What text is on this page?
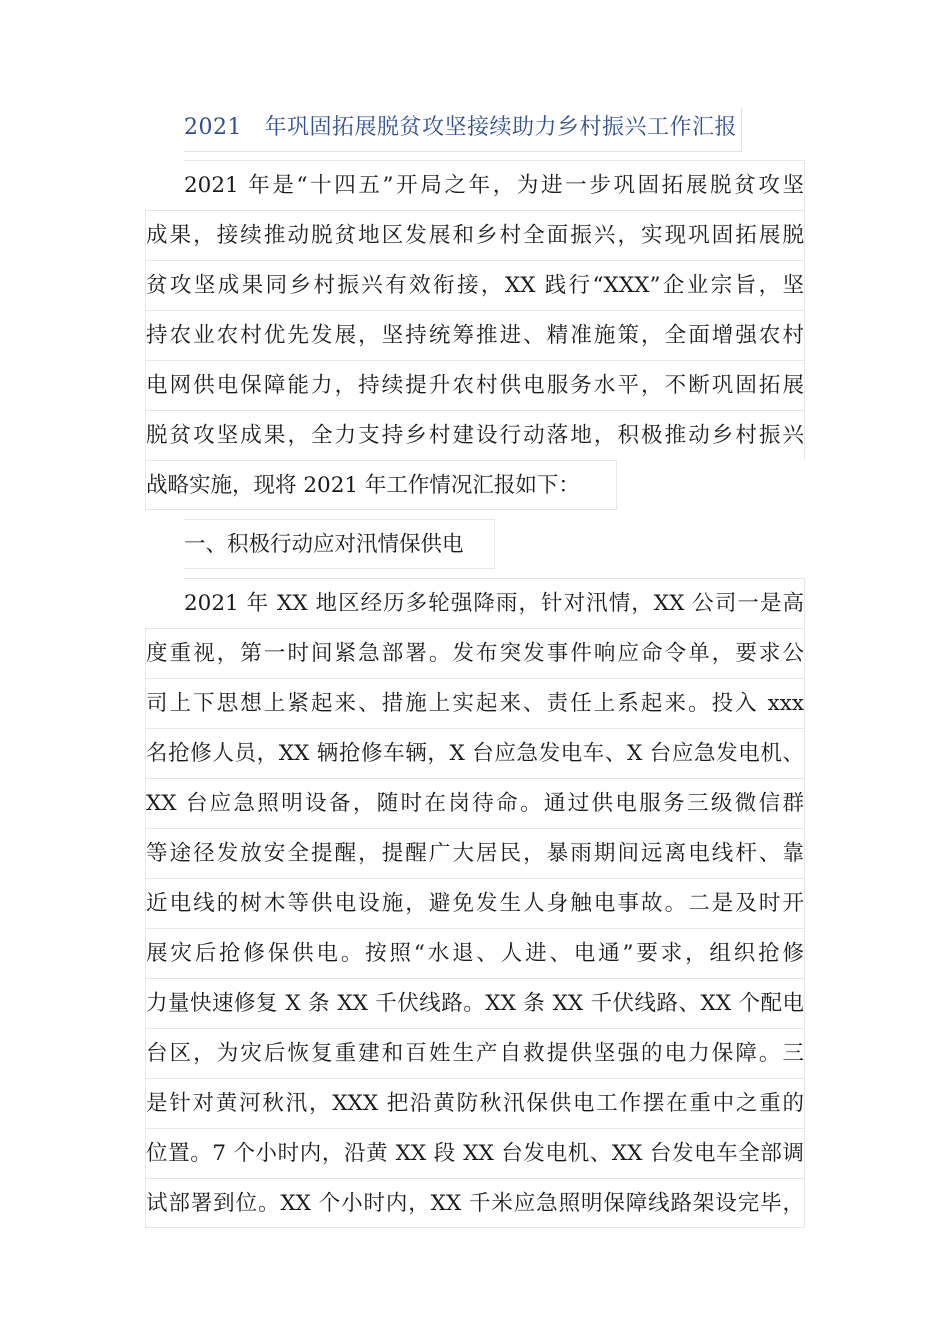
2021　年巩固拓展脱贫攻坚接续助力乡村振兴工作汇报
2021 年是“十四五”开局之年，为进一步巩固拓展脱贫攻坚
成果，接续推动脱贫地区发展和乡村全面振兴，实现巩固拓展脱
贫攻坚成果同乡村振兴有效衔接，XX 践行“XXX”企业宗旨，坚
持农业农村优先发展，坚持统筹推进、精准施策，全面增强农村
电网供电保障能力，持续提升农村供电服务水平，不断巩固拓展
脱贫攻坚成果，全力支持乡村建设行动落地，积极推动乡村振兴
战略实施，现将 2021 年工作情况汇报如下：
一、积极行动应对汛情保供电
2021 年 XX 地区经历多轮强降雨，针对汛情，XX 公司一是高
度重视，第一时间紧急部署。发布突发事件响应命令单，要求公
司上下思想上紧起来、措施上实起来、责任上系起来。投入 xxx
名抢修人员，XX 辆抢修车辆，X 台应急发电车、X 台应急发电机、
XX 台应急照明设备，随时在岗待命。通过供电服务三级微信群
等途径发放安全提醒，提醒广大居民，暴雨期间远离电线杆、靠
近电线的树木等供电设施，避免发生人身触电事故。二是及时开
展灾后抢修保供电。按照“水退、人进、电通”要求，组织抢修
力量快速修复 X 条 XX 千伏线路。XX 条 XX 千伏线路、XX 个配电
台区，为灾后恢复重建和百姓生产自救提供坚强的电力保障。三
是针对黄河秋汛，XXX 把沿黄防秋汛保供电工作摆在重中之重的
位置。7 个小时内，沿黄 XX 段 XX 台发电机、XX 台发电车全部调
试部署到位。XX 个小时内，XX 千米应急照明保障线路架设完毕，
